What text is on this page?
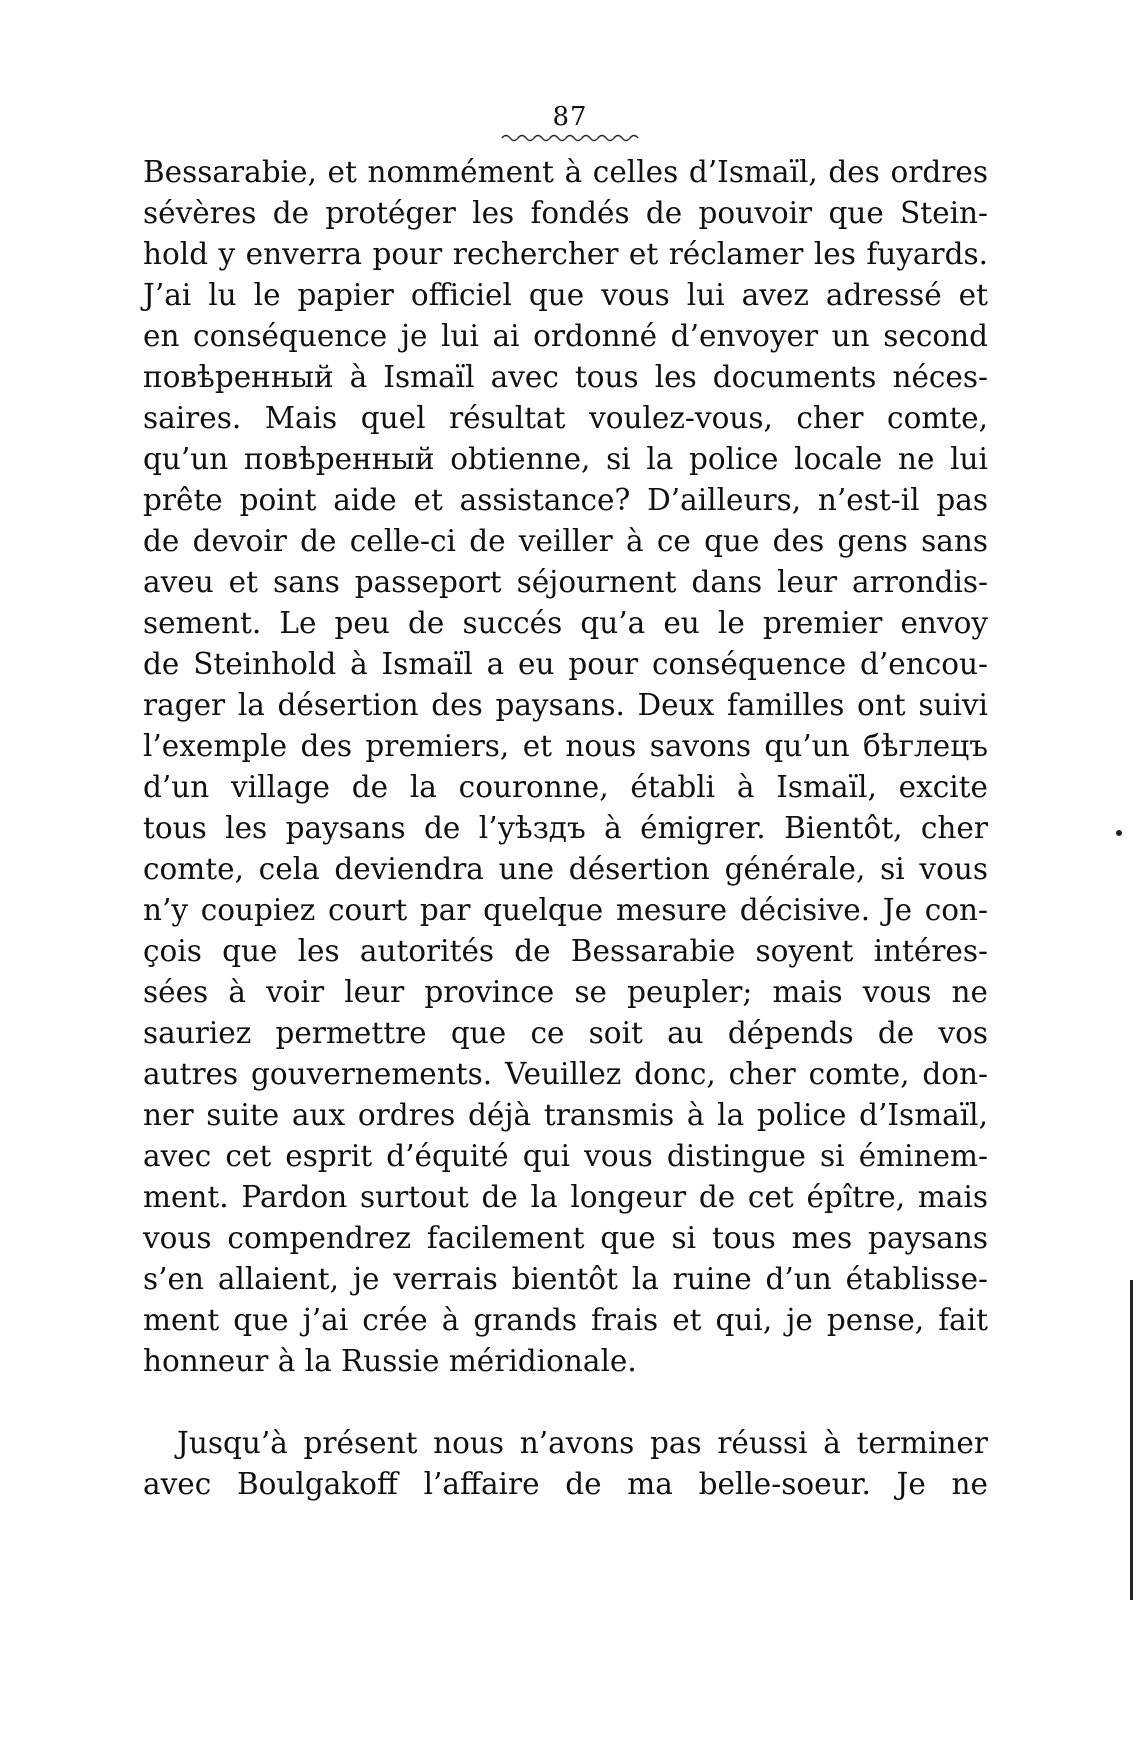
87
Bessarabie, et nommément à celles d’Ismaïl, des ordres
sévères de protéger les fondés de pouvoir que Stein-
hold y enverra pour rechercher et réclamer les fuyards.
J’ai lu le papier officiel que vous lui avez adressé et
en conséquence je lui ai ordonné d’envoyer un second
повѣренный à Ismaïl avec tous les documents néces-
saires. Mais quel résultat voulez-vous, cher comte,
qu’un повѣренный obtienne, si la police locale ne lui
prête point aide et assistance? D’ailleurs, n’est-il pas
de devoir de celle-ci de veiller à ce que des gens sans
aveu et sans passeport séjournent dans leur arrondis-
sement. Le peu de succés qu’a eu le premier envoy
de Steinhold à Ismaïl a eu pour conséquence d’encou-
rager la désertion des paysans. Deux familles ont suivi
l’exemple des premiers, et nous savons qu’un бѣглецъ
d’un village de la couronne, établi à Ismaïl, excite
tous les paysans de l’уѣздъ à émigrer. Bientôt, cher
comte, cela deviendra une désertion générale, si vous
n’y coupiez court par quelque mesure décisive. Je con-
çois que les autorités de Bessarabie soyent intéres-
sées à voir leur province se peupler; mais vous ne
sauriez permettre que ce soit au dépends de vos
autres gouvernements. Veuillez donc, cher comte, don-
ner suite aux ordres déjà transmis à la police d’Ismaïl,
avec cet esprit d’équité qui vous distingue si éminem-
ment. Pardon surtout de la longeur de cet épître, mais
vous compendrez facilement que si tous mes paysans
s’en allaient, je verrais bientôt la ruine d’un établisse-
ment que j’ai crée à grands frais et qui, je pense, fait
honneur à la Russie méridionale.
Jusqu’à présent nous n’avons pas réussi à terminer
avec Boulgakoff l’affaire de ma belle-soeur. Je ne
